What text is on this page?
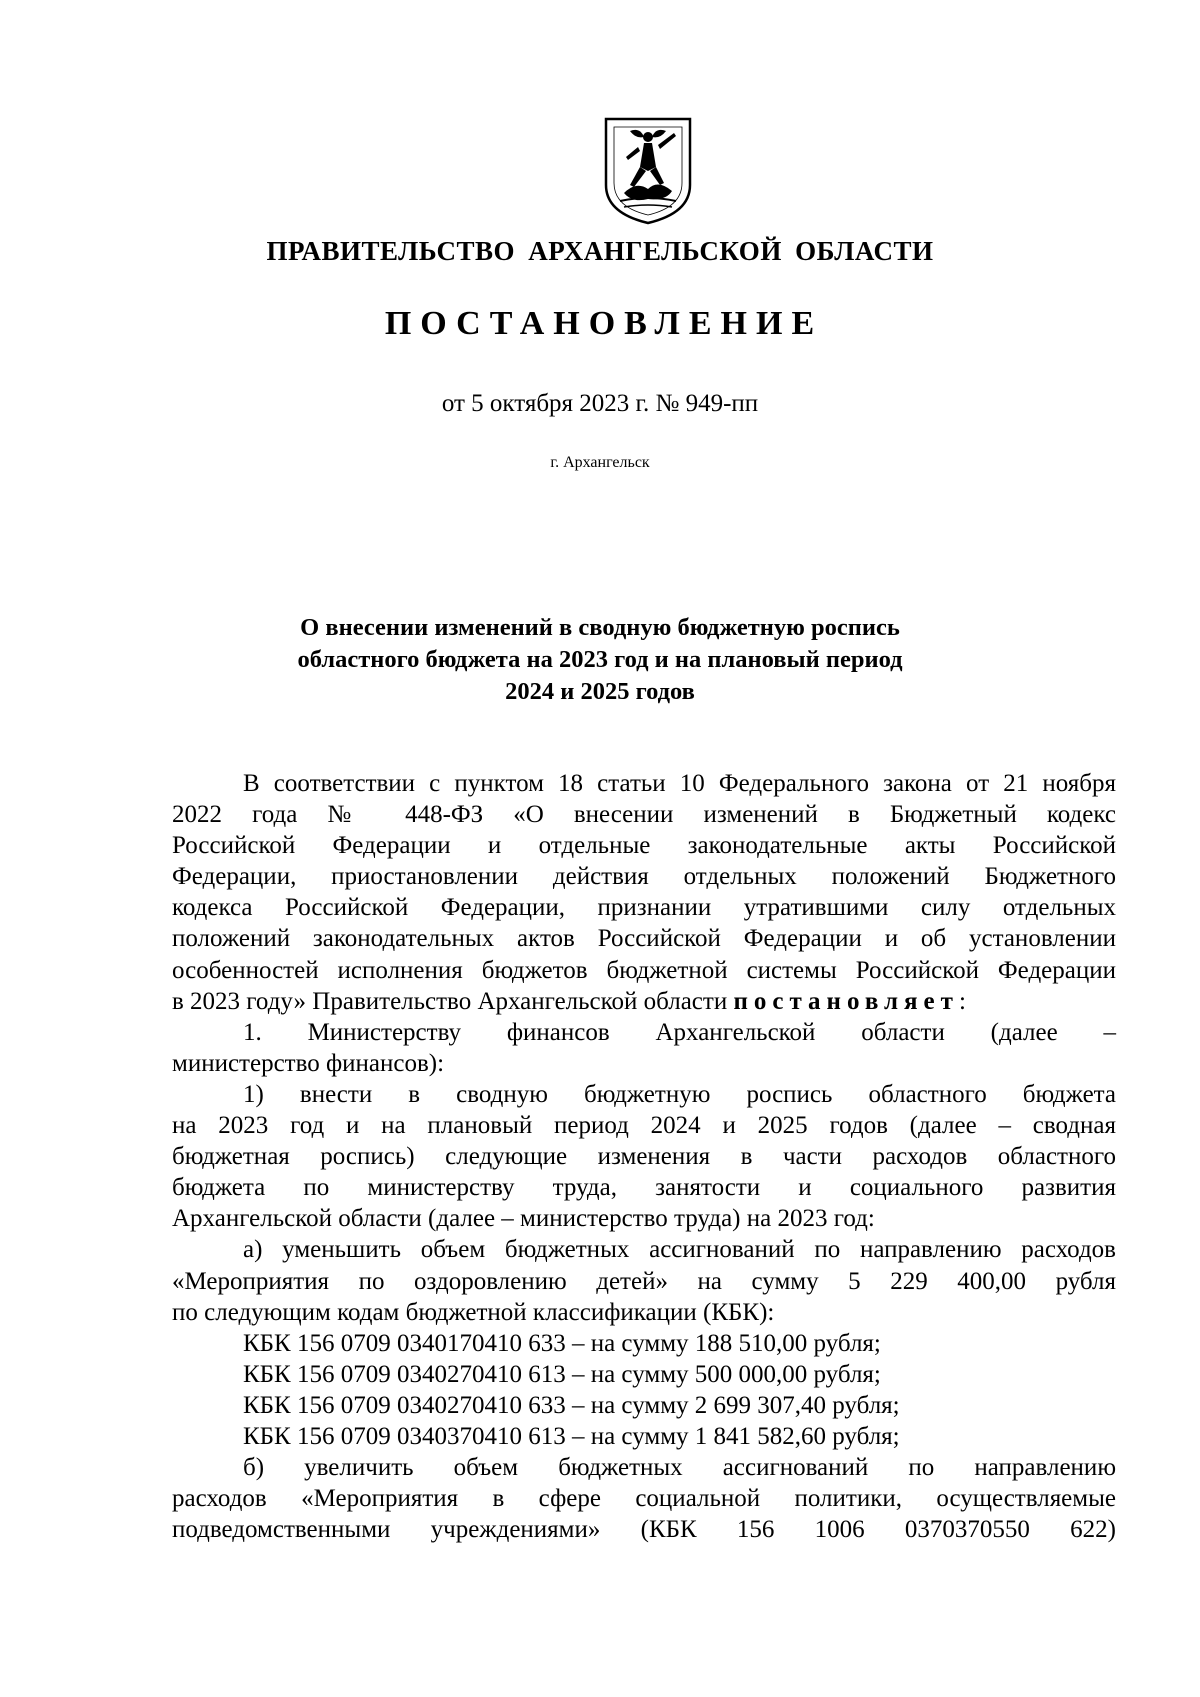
ПРАВИТЕЛЬСТВО АРХАНГЕЛЬСКОЙ ОБЛАСТИ
ПОСТАНОВЛЕНИЕ
от 5 октября 2023 г. № 949-пп
г. Архангельск
О внесении изменений в сводную бюджетную роспись
областного бюджета на 2023 год и на плановый период
2024 и 2025 годов
В соответствии с пунктом 18 статьи 10 Федерального закона от 21 ноября
2022 года № 448-ФЗ «О внесении изменений в Бюджетный кодекс
Российской Федерации и отдельные законодательные акты Российской
Федерации, приостановлении действия отдельных положений Бюджетного
кодекса Российской Федерации, признании утратившими силу отдельных
положений законодательных актов Российской Федерации и об установлении
особенностей исполнения бюджетов бюджетной системы Российской Федерации
в 2023 году» Правительство Архангельской области постановляет:
1. Министерству финансов Архангельской области (далее –
министерство финансов):
1) внести в сводную бюджетную роспись областного бюджета
на 2023 год и на плановый период 2024 и 2025 годов (далее – сводная
бюджетная роспись) следующие изменения в части расходов областного
бюджета по министерству труда, занятости и социального развития
Архангельской области (далее – министерство труда) на 2023 год:
а) уменьшить объем бюджетных ассигнований по направлению расходов
«Мероприятия по оздоровлению детей» на сумму 5 229 400,00 рубля
по следующим кодам бюджетной классификации (КБК):
КБК 156 0709 0340170410 633 – на сумму 188 510,00 рубля;
КБК 156 0709 0340270410 613 – на сумму 500 000,00 рубля;
КБК 156 0709 0340270410 633 – на сумму 2 699 307,40 рубля;
КБК 156 0709 0340370410 613 – на сумму 1 841 582,60 рубля;
б) увеличить объем бюджетных ассигнований по направлению
расходов «Мероприятия в сфере социальной политики, осуществляемые
подведомственными учреждениями» (КБК 156 1006 0370370550 622)
